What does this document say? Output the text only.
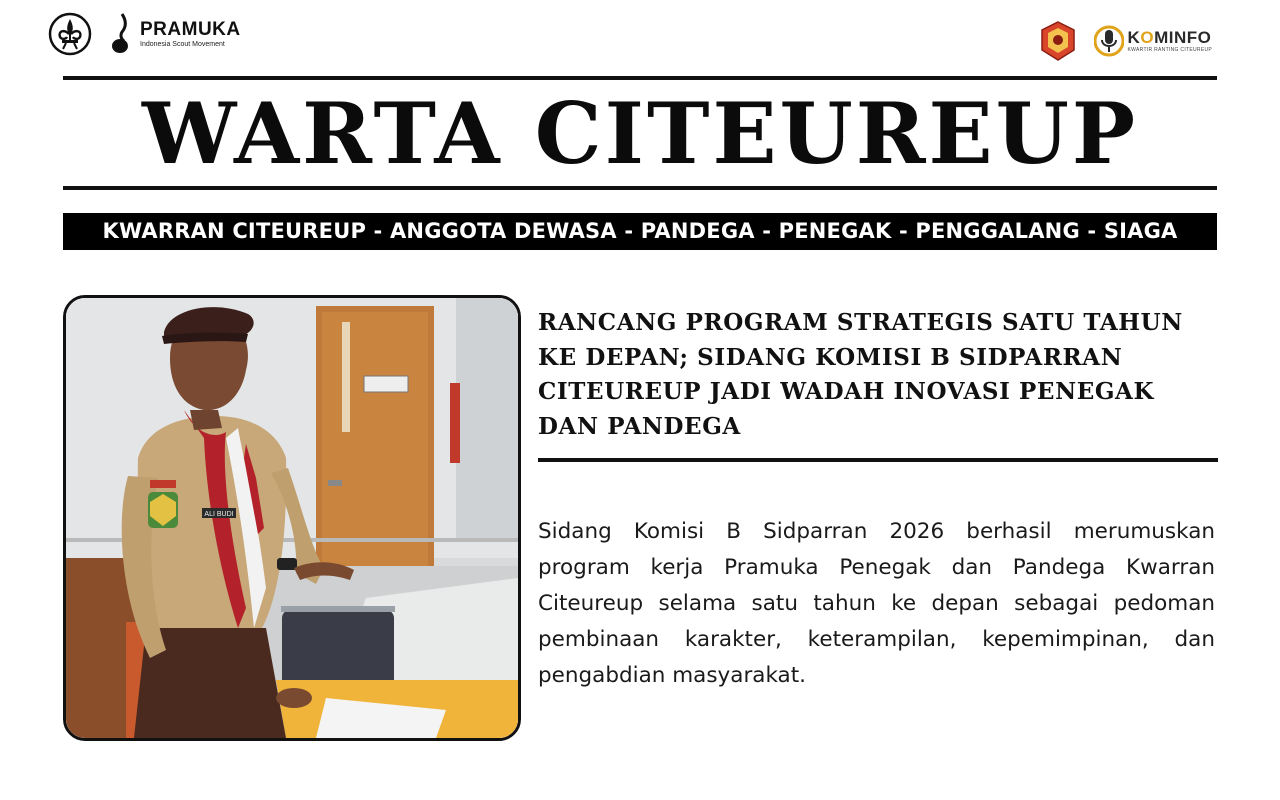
PRAMUKA
Indonesia Scout Movement	KOMINFO
KWARTIR RANTING CITEUREUP
WARTA CITEUREUP
KWARRAN CITEUREUP - ANGGOTA DEWASA - PANDEGA - PENEGAK - PENGGALANG - SIAGA
ALI BUDI
RANCANG PROGRAM STRATEGIS SATU TAHUN KE DEPAN; SIDANG KOMISI B SIDPARRAN CITEUREUP JADI WADAH INOVASI PENEGAK DAN PANDEGA
Sidang Komisi B Sidparran 2026 berhasil merumuskan program kerja Pramuka Penegak dan Pandega Kwarran Citeureup selama satu tahun ke depan sebagai pedoman pembinaan karakter, keterampilan, kepemimpinan, dan pengabdian masyarakat.
